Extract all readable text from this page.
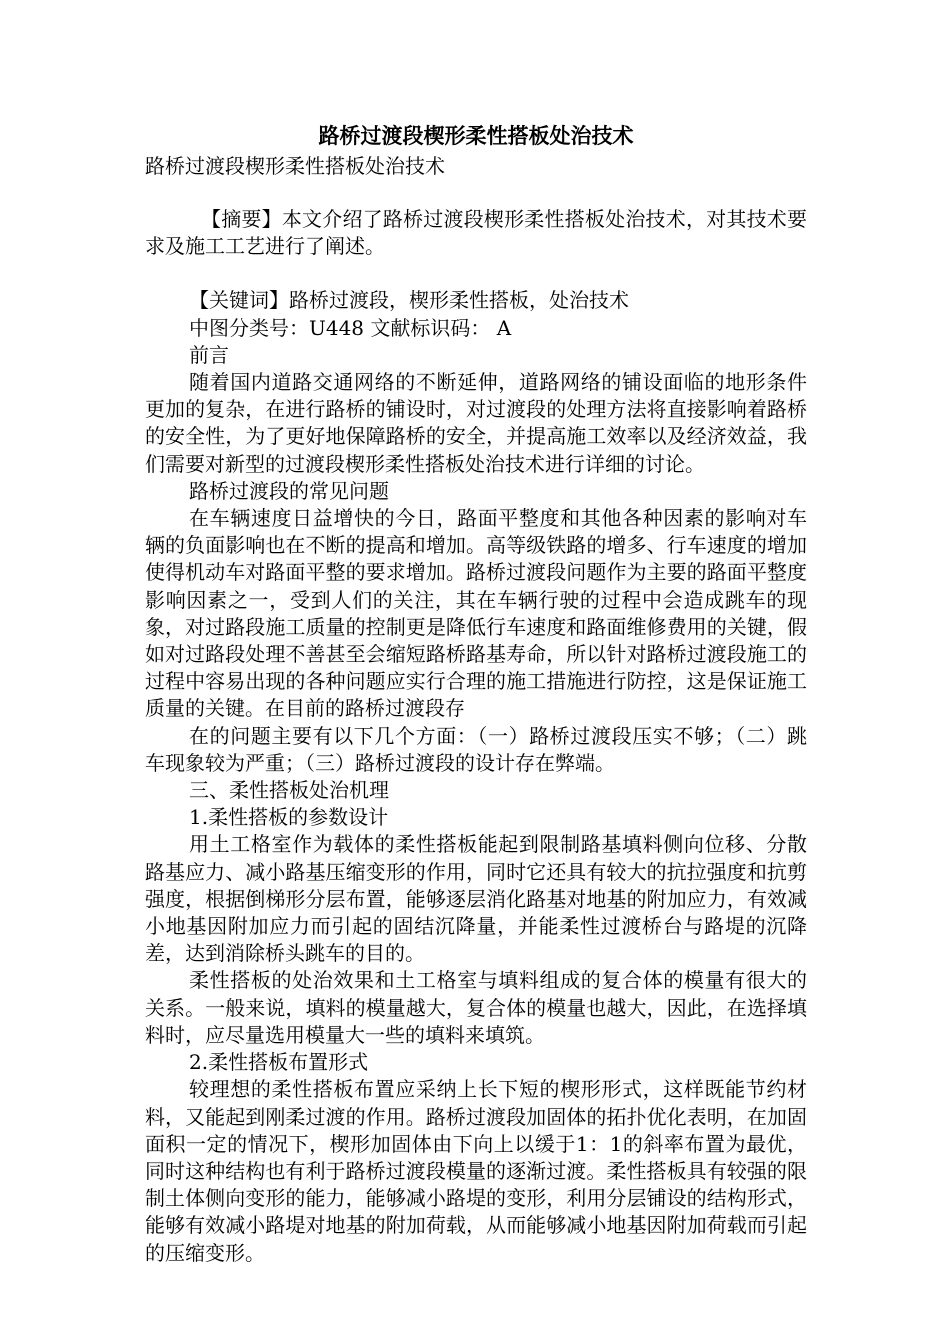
路桥过渡段楔形柔性搭板处治技术

路桥过渡段楔形柔性搭板处治技术

【摘要】本文介绍了路桥过渡段楔形柔性搭板处治技术，对其技术要求及施工工艺进行了阐述。

【关键词】路桥过渡段，楔形柔性搭板，处治技术

中图分类号：U448 文献标识码： A

前言

随着国内道路交通网络的不断延伸，道路网络的铺设面临的地形条件更加的复杂，在进行路桥的铺设时，对过渡段的处理方法将直接影响着路桥的安全性，为了更好地保障路桥的安全，并提高施工效率以及经济效益，我们需要对新型的过渡段楔形柔性搭板处治技术进行详细的讨论。

路桥过渡段的常见问题

在车辆速度日益增快的今日，路面平整度和其他各种因素的影响对车辆的负面影响也在不断的提高和增加。高等级铁路的增多、行车速度的增加使得机动车对路面平整的要求增加。路桥过渡段问题作为主要的路面平整度影响因素之一，受到人们的关注，其在车辆行驶的过程中会造成跳车的现象，对过路段施工质量的控制更是降低行车速度和路面维修费用的关键，假如对过路段处理不善甚至会缩短路桥路基寿命，所以针对路桥过渡段施工的过程中容易出现的各种问题应实行合理的施工措施进行防控，这是保证施工质量的关键。在目前的路桥过渡段存

在的问题主要有以下几个方面：（一）路桥过渡段压实不够；（二）跳车现象较为严重；（三）路桥过渡段的设计存在弊端。

三、柔性搭板处治机理

1.柔性搭板的参数设计

用土工格室作为载体的柔性搭板能起到限制路基填料侧向位移、分散路基应力、减小路基压缩变形的作用，同时它还具有较大的抗拉强度和抗剪强度，根据倒梯形分层布置，能够逐层消化路基对地基的附加应力，有效减小地基因附加应力而引起的固结沉降量，并能柔性过渡桥台与路堤的沉降差，达到消除桥头跳车的目的。

柔性搭板的处治效果和土工格室与填料组成的复合体的模量有很大的关系。一般来说，填料的模量越大，复合体的模量也越大，因此，在选择填料时，应尽量选用模量大一些的填料来填筑。

2.柔性搭板布置形式

较理想的柔性搭板布置应采纳上长下短的楔形形式，这样既能节约材料，又能起到刚柔过渡的作用。路桥过渡段加固体的拓扑优化表明，在加固面积一定的情况下，楔形加固体由下向上以缓于1：1的斜率布置为最优，同时这种结构也有利于路桥过渡段模量的逐渐过渡。柔性搭板具有较强的限制土体侧向变形的能力，能够减小路堤的变形，利用分层铺设的结构形式，能够有效减小路堤对地基的附加荷载，从而能够减小地基因附加荷载而引起的压缩变形。
